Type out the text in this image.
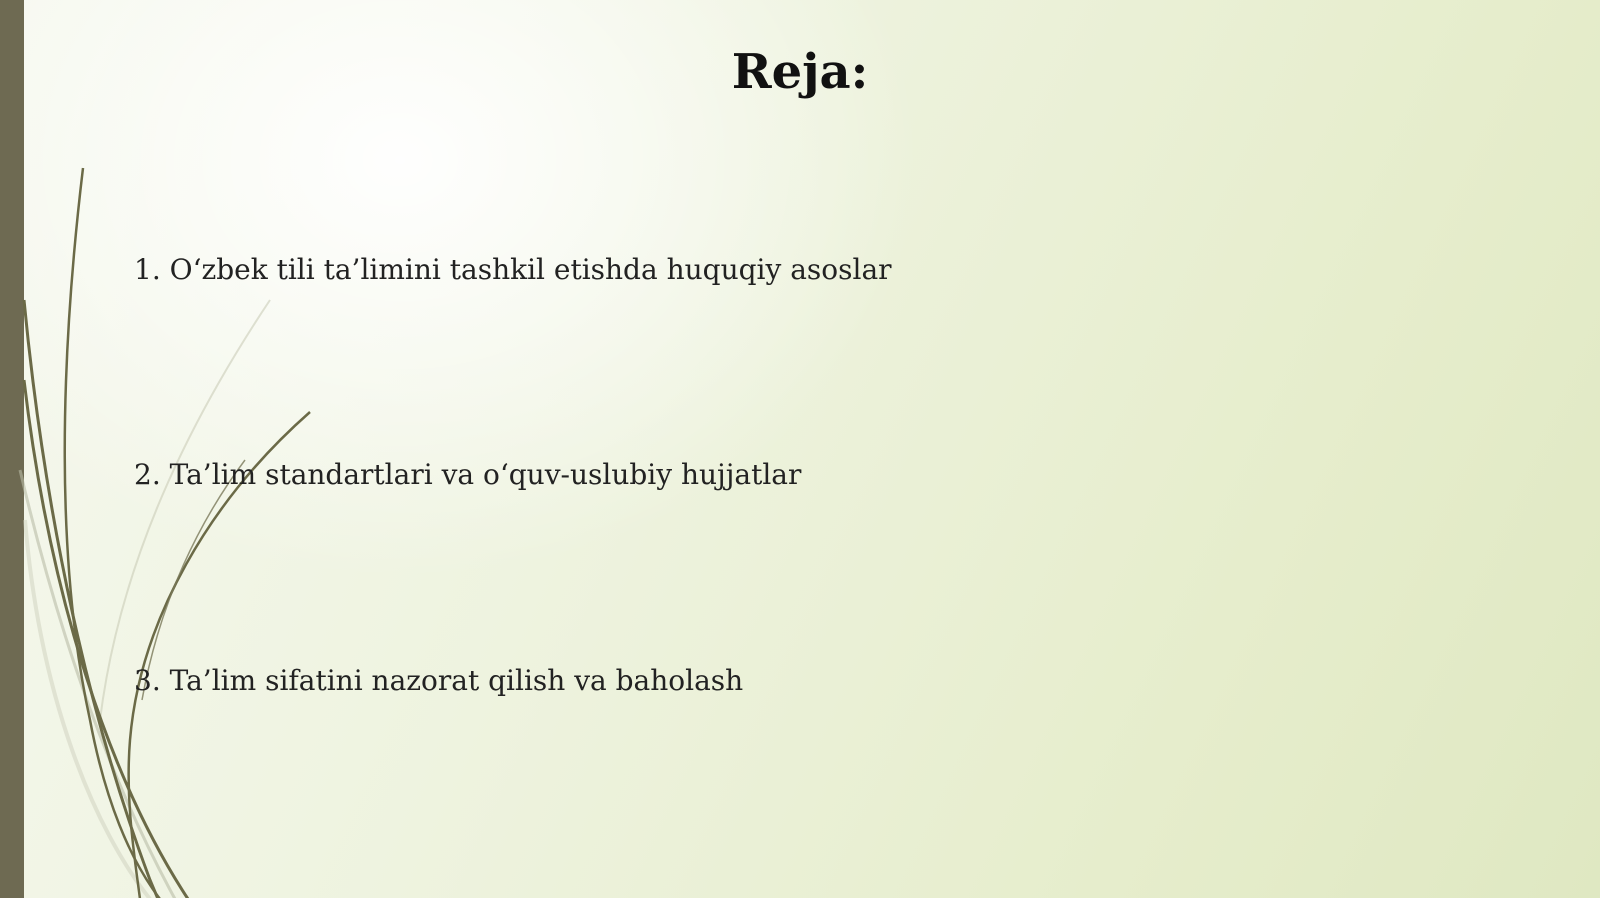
Reja:
1. O‘zbek tili ta’limini tashkil etishda huquqiy asoslar
2. Ta’lim standartlari va o‘quv-uslubiy hujjatlar
3. Ta’lim sifatini nazorat qilish va baholash
